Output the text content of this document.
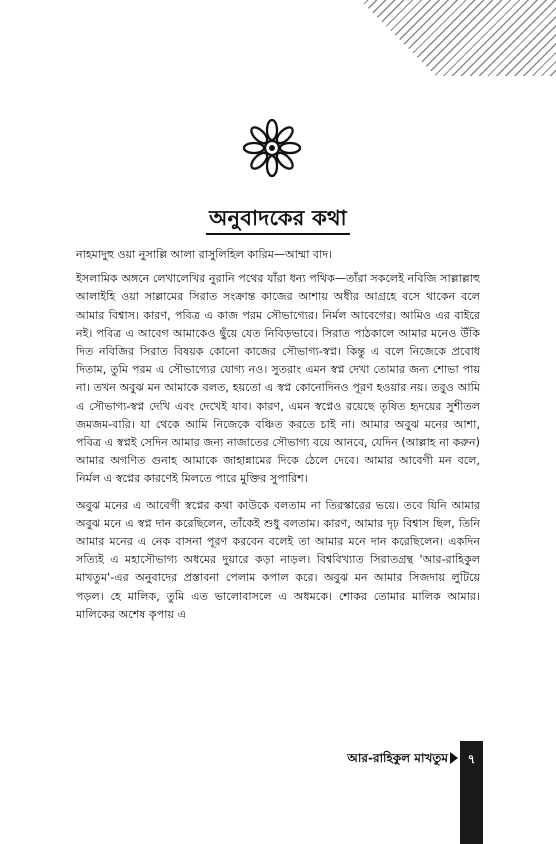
অনুবাদকের কথা

নাহমাদুহু ওয়া নুসাল্লি আলা রাসুলিহিল কারিম—আম্মা বাদ।

ইসলামিক অঙ্গনে লেখালেখির নুরানি পথের যাঁরা ধন্য পথিক—তাঁরা সকলেই নবিজি সাল্লাল্লাহু আলাইহি ওয়া সাল্লামের সিরাত সংক্রান্ত কাজের আশায় অধীর আগ্রহে বসে থাকেন বলে আমার বিশ্বাস। কারণ, পবিত্র এ কাজ পরম সৌভাগ্যের। নির্মল আবেগের। আমিও এর বাইরে নই। পবিত্র এ আবেগ আমাকেও ছুঁয়ে যেত নিবিড়ভাবে। সিরাত পাঠকালে আমার মনেও উঁকি দিত নবিজির সিরাত বিষয়ক কোনো কাজের সৌভাগ্য-স্বপ্ন। কিন্তু এ বলে নিজেকে প্রবোধ দিতাম, তুমি পরম এ সৌভাগ্যের যোগ্য নও। সুতরাং এমন স্বপ্ন দেখা তোমার জন্য শোভা পায় না। তখন অবুঝ মন আমাকে বলত, হয়তো এ স্বপ্ন কোনোদিনও পূরণ হওয়ার নয়। তবুও আমি এ সৌভাগ্য-স্বপ্ন দেখি এবং দেখেই যাব। কারণ, এমন স্বপ্নেও রয়েছে তৃষিত হৃদয়ের সুশীতল জমজম-বারি। যা থেকে আমি নিজেকে বঞ্চিত করতে চাই না। আমার অবুঝ মনের আশা, পবিত্র এ স্বপ্নই সেদিন আমার জন্য নাজাতের সৌভাগ্য বয়ে আনবে, যেদিন (আল্লাহ না করুন) আমার অগণিত গুনাহ আমাকে জাহান্নামের দিকে ঠেলে দেবে। আমার আবেগী মন বলে, নির্মল এ স্বপ্নের কারণেই মিলতে পারে মুক্তির সুপারিশ।

অবুঝ মনের এ আবেগী স্বপ্নের কথা কাউকে বলতাম না তিরস্কারের ভয়ে। তবে যিনি আমার অবুঝ মনে এ স্বপ্ন দান করেছিলেন, তাঁকেই শুধু বলতাম। কারণ, আমার দৃঢ় বিশ্বাস ছিল, তিনি আমার মনের এ নেক বাসনা পূরণ করবেন বলেই তা আমার মনে দান করেছিলেন। একদিন সত্যিই এ মহাসৌভাগ্য অধমের দুয়ারে কড়া নাড়ল। বিশ্ববিখ্যাত সিরাতগ্রন্থ 'আর-রাহিকুল মাখতুম'-এর অনুবাদের প্রস্তাবনা পেলাম কপাল করে। অবুঝ মন আমার সিজদায় লুটিয়ে পড়ল। হে মালিক, তুমি এত ভালোবাসলে এ অধমকে। শোকর তোমার মালিক আমার। মালিকের অশেষ কৃপায় এ

আর-রাহিকুল মাখতুম	৭
